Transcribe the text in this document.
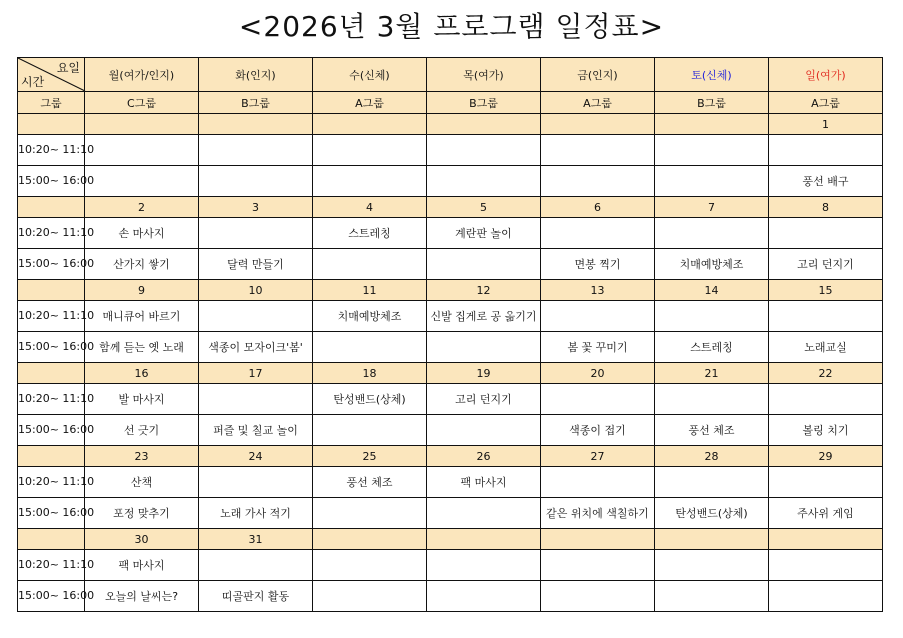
<2026년 3월 프로그램 일정표>
요일
시간	월(여가/인지)	화(인지)	수(신체)	목(여가)	금(인지)	토(신체)	일(여가)
그룹	C그룹	B그룹	A그룹	B그룹	A그룹	B그룹	A그룹
							1
10:20~ 11:10							
15:00~ 16:00							풍선 배구
	2	3	4	5	6	7	8
10:20~ 11:10	손 마사지		스트레칭	계란판 놀이			
15:00~ 16:00	산가지 쌓기	달력 만들기			면봉 찍기	치매예방체조	고리 던지기
	9	10	11	12	13	14	15
10:20~ 11:10	매니큐어 바르기		치매예방체조	신발 집게로 공 옮기기			
15:00~ 16:00	함께 듣는 옛 노래	색종이 모자이크'봄'			봄 꽃 꾸미기	스트레칭	노래교실
	16	17	18	19	20	21	22
10:20~ 11:10	발 마사지		탄성밴드(상체)	고리 던지기			
15:00~ 16:00	선 긋기	퍼즐 및 칠교 놀이			색종이 접기	풍선 체조	볼링 치기
	23	24	25	26	27	28	29
10:20~ 11:10	산책		풍선 체조	팩 마사지			
15:00~ 16:00	포정 맞추기	노래 가사 적기			같은 위치에 색칠하기	탄성밴드(상체)	주사위 게임
	30	31					
10:20~ 11:10	팩 마사지						
15:00~ 16:00	오늘의 날씨는?	띠골판지 활동					
